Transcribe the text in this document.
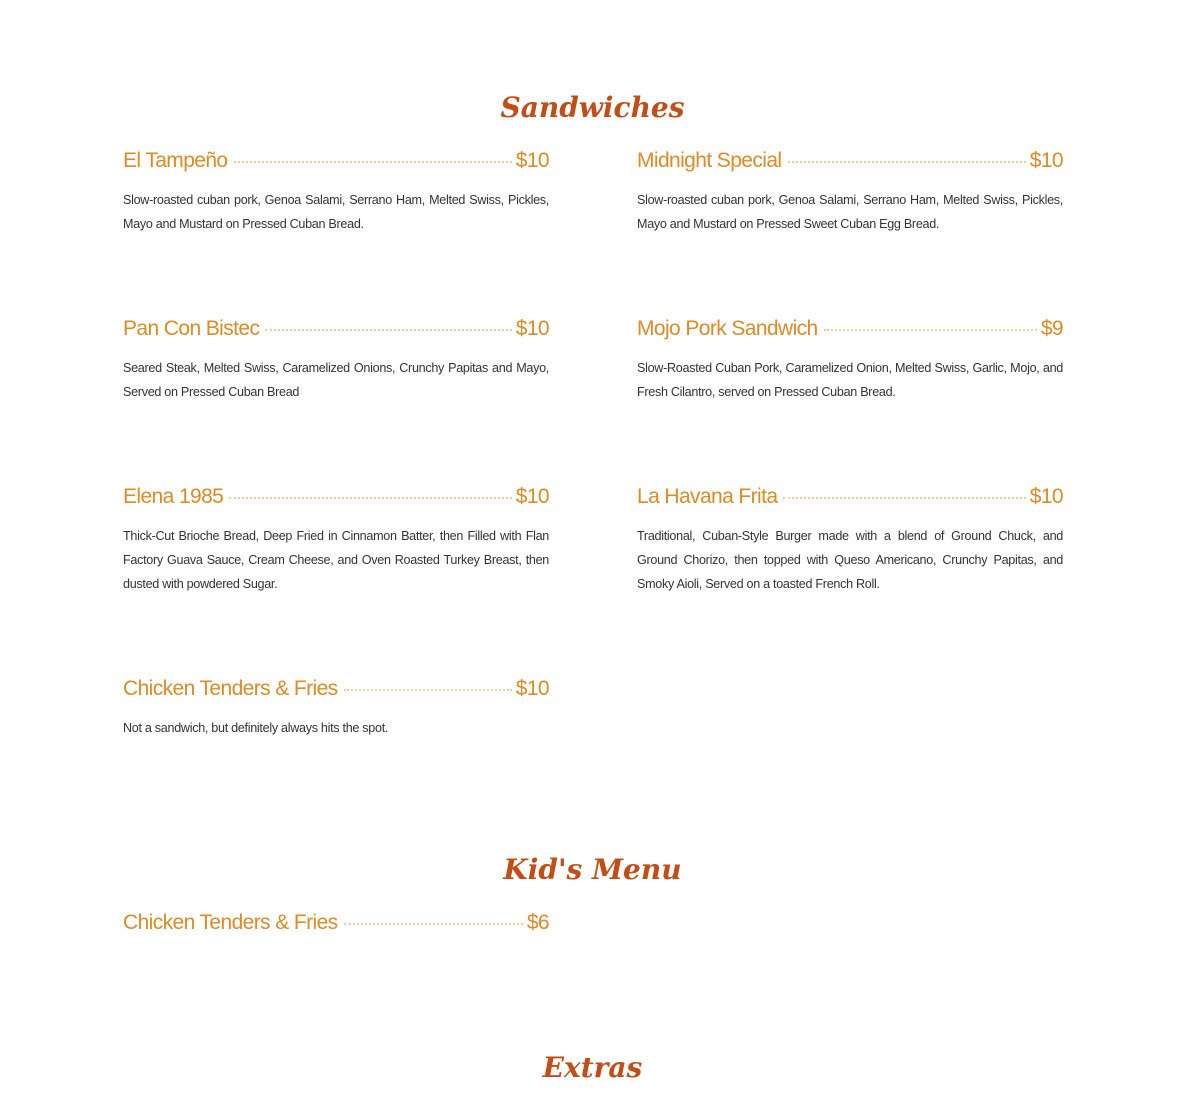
Sandwiches
El Tampeño	$10
Slow-roasted cuban pork, Genoa Salami, Serrano Ham, Melted Swiss, Pickles, Mayo and Mustard on Pressed Cuban Bread.
Midnight Special	$10
Slow-roasted cuban pork, Genoa Salami, Serrano Ham, Melted Swiss, Pickles, Mayo and Mustard on Pressed Sweet Cuban Egg Bread.
Pan Con Bistec	$10
Seared Steak, Melted Swiss, Caramelized Onions, Crunchy Papitas and Mayo, Served on Pressed Cuban Bread
Mojo Pork Sandwich	$9
Slow-Roasted Cuban Pork, Caramelized Onion, Melted Swiss, Garlic, Mojo, and Fresh Cilantro, served on Pressed Cuban Bread.
Elena 1985	$10
Thick-Cut Brioche Bread, Deep Fried in Cinnamon Batter, then Filled with Flan Factory Guava Sauce, Cream Cheese, and Oven Roasted Turkey Breast, then dusted with powdered Sugar.
La Havana Frita	$10
Traditional, Cuban-Style Burger made with a blend of Ground Chuck, and Ground Chorizo, then topped with Queso Americano, Crunchy Papitas, and Smoky Aioli, Served on a toasted French Roll.
Chicken Tenders & Fries	$10
Not a sandwich, but definitely always hits the spot.
Kid's Menu
Chicken Tenders & Fries	$6
Extras
